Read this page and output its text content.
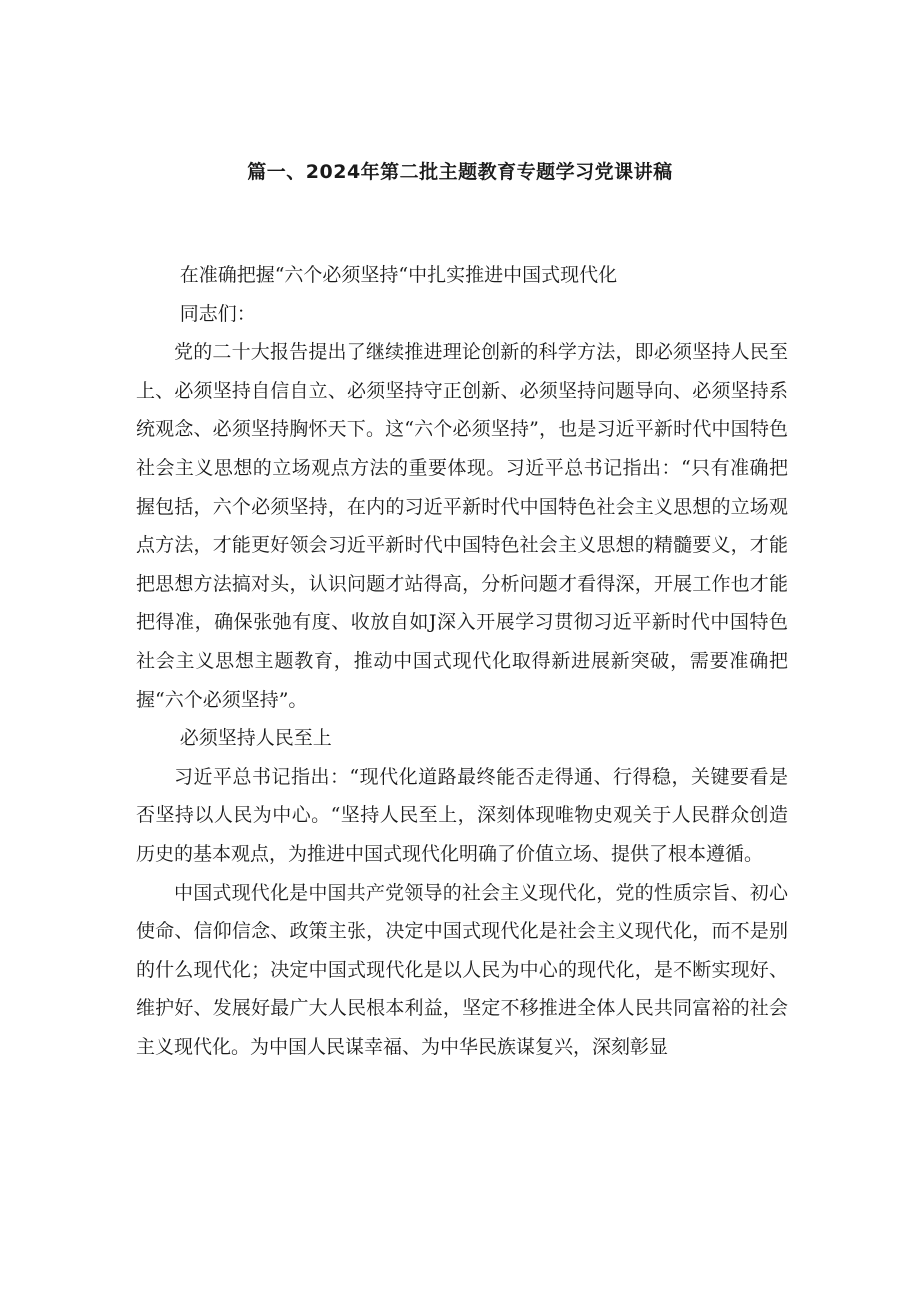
篇一、2024年第二批主题教育专题学习党课讲稿

在准确把握“六个必须坚持“中扎实推进中国式现代化

同志们：

党的二十大报告提出了继续推进理论创新的科学方法，即必须坚持人民至上、必须坚持自信自立、必须坚持守正创新、必须坚持问题导向、必须坚持系统观念、必须坚持胸怀天下。这“六个必须坚持”，也是习近平新时代中国特色社会主义思想的立场观点方法的重要体现。习近平总书记指出：“只有准确把握包括，六个必须坚持，在内的习近平新时代中国特色社会主义思想的立场观点方法，才能更好领会习近平新时代中国特色社会主义思想的精髓要义，才能把思想方法搞对头，认识问题才站得高，分析问题才看得深，开展工作也才能把得准，确保张弛有度、收放自如J深入开展学习贯彻习近平新时代中国特色社会主义思想主题教育，推动中国式现代化取得新进展新突破，需要准确把握“六个必须坚持”。

必须坚持人民至上

习近平总书记指出：“现代化道路最终能否走得通、行得稳，关键要看是否坚持以人民为中心。“坚持人民至上，深刻体现唯物史观关于人民群众创造历史的基本观点，为推进中国式现代化明确了价值立场、提供了根本遵循。

中国式现代化是中国共产党领导的社会主义现代化，党的性质宗旨、初心使命、信仰信念、政策主张，决定中国式现代化是社会主义现代化，而不是别的什么现代化；决定中国式现代化是以人民为中心的现代化，是不断实现好、维护好、发展好最广大人民根本利益，坚定不移推进全体人民共同富裕的社会主义现代化。为中国人民谋幸福、为中华民族谋复兴，深刻彰显
